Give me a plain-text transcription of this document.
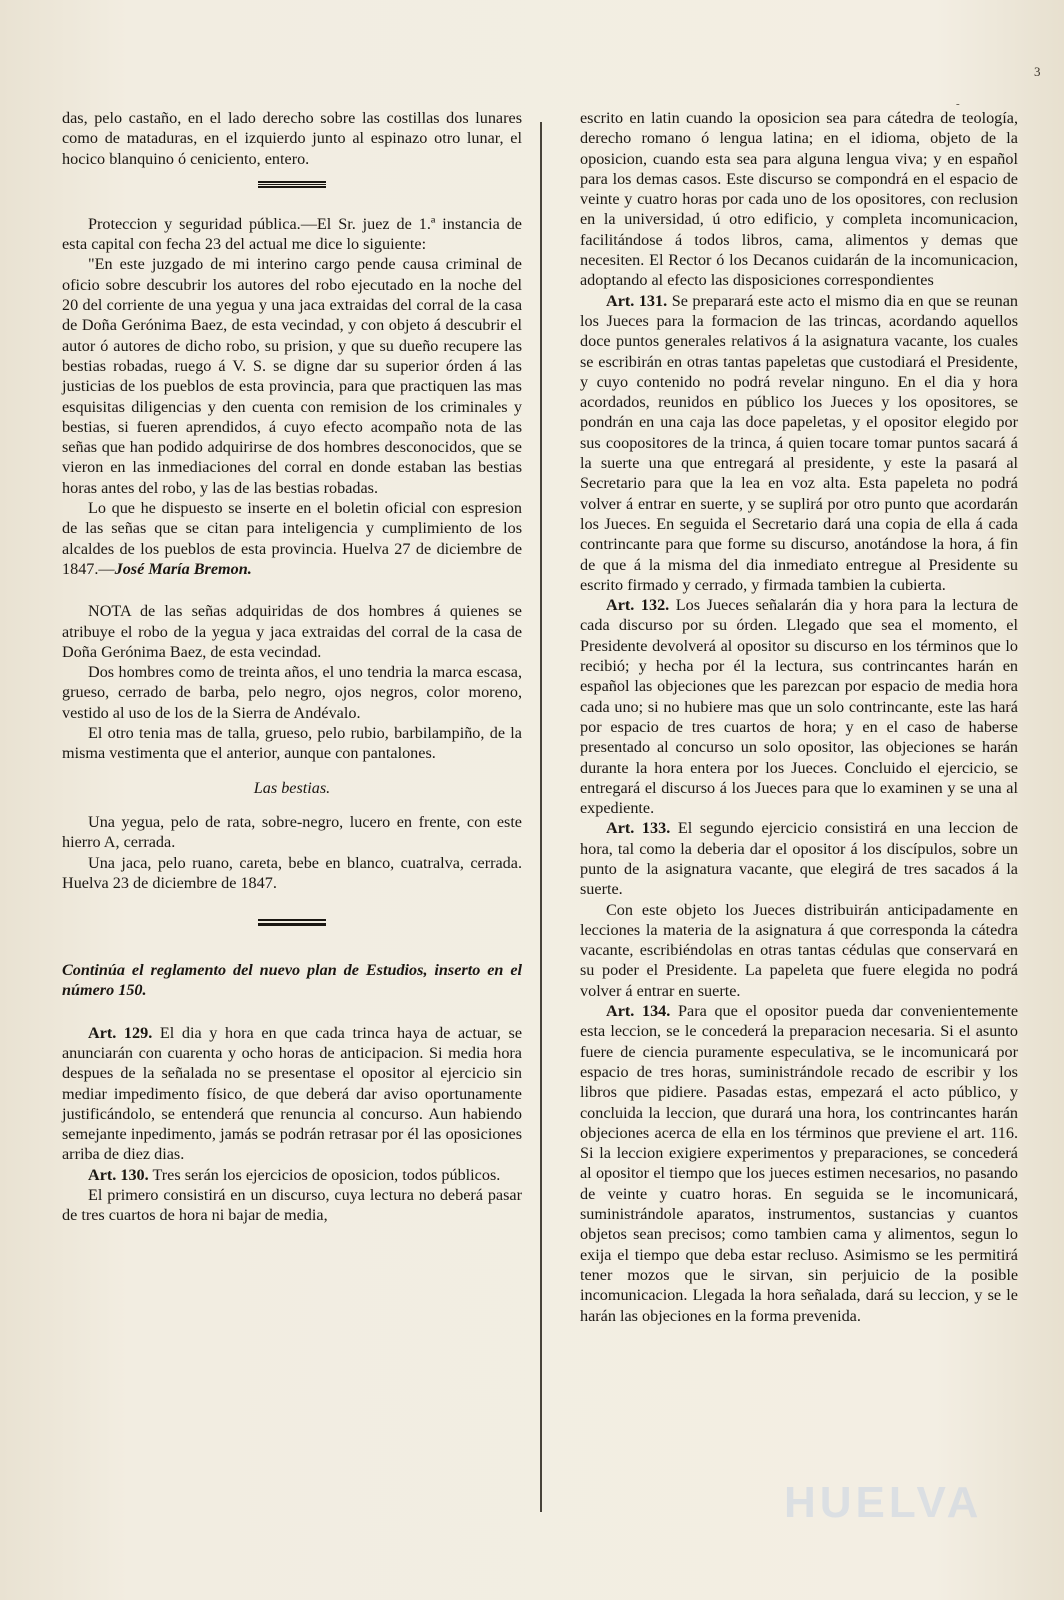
3
-

das, pelo castaño, en el lado derecho sobre las costillas dos lunares como de mataduras, en el izquierdo junto al espinazo otro lunar, el hocico blanquino ó ceniciento, entero.

Proteccion y seguridad pública.—El Sr. juez de 1.ª instancia de esta capital con fecha 23 del actual me dice lo siguiente:

"En este juzgado de mi interino cargo pende causa criminal de oficio sobre descubrir los autores del robo ejecutado en la noche del 20 del corriente de una yegua y una jaca extraidas del corral de la casa de Doña Gerónima Baez, de esta vecindad, y con objeto á descubrir el autor ó autores de dicho robo, su prision, y que su dueño recupere las bestias robadas, ruego á V. S. se digne dar su superior órden á las justicias de los pueblos de esta provincia, para que practiquen las mas esquisitas diligencias y den cuenta con remision de los criminales y bestias, si fueren aprendidos, á cuyo efecto acompaño nota de las señas que han podido adquirirse de dos hombres desconocidos, que se vieron en las inmediaciones del corral en donde estaban las bestias horas antes del robo, y las de las bestias robadas.

Lo que he dispuesto se inserte en el boletin oficial con espresion de las señas que se citan para inteligencia y cumplimiento de los alcaldes de los pueblos de esta provincia. Huelva 27 de diciembre de 1847.—José María Bremon.

NOTA de las señas adquiridas de dos hombres á quienes se atribuye el robo de la yegua y jaca extraidas del corral de la casa de Doña Gerónima Baez, de esta vecindad.

Dos hombres como de treinta años, el uno tendria la marca escasa, grueso, cerrado de barba, pelo negro, ojos negros, color moreno, vestido al uso de los de la Sierra de Andévalo.

El otro tenia mas de talla, grueso, pelo rubio, barbilampiño, de la misma vestimenta que el anterior, aunque con pantalones.

Las bestias.

Una yegua, pelo de rata, sobre-negro, lucero en frente, con este hierro A, cerrada.

Una jaca, pelo ruano, careta, bebe en blanco, cuatralva, cerrada. Huelva 23 de diciembre de 1847.

Continúa el reglamento del nuevo plan de Estudios, inserto en el número 150.

Art. 129. El dia y hora en que cada trinca haya de actuar, se anunciarán con cuarenta y ocho horas de anticipacion. Si media hora despues de la señalada no se presentase el opositor al ejercicio sin mediar impedimento físico, de que deberá dar aviso oportunamente justificándolo, se entenderá que renuncia al concurso. Aun habiendo semejante inpedimento, jamás se podrán retrasar por él las oposiciones arriba de diez dias.

Art. 130. Tres serán los ejercicios de oposicion, todos públicos.

El primero consistirá en un discurso, cuya lectura no deberá pasar de tres cuartos de hora ni bajar de media,

escrito en latin cuando la oposicion sea para cátedra de teología, derecho romano ó lengua latina; en el idioma, objeto de la oposicion, cuando esta sea para alguna lengua viva; y en español para los demas casos. Este discurso se compondrá en el espacio de veinte y cuatro horas por cada uno de los opositores, con reclusion en la universidad, ú otro edificio, y completa incomunicacion, facilitándose á todos libros, cama, alimentos y demas que necesiten. El Rector ó los Decanos cuidarán de la incomunicacion, adoptando al efecto las disposiciones correspondientes

Art. 131. Se preparará este acto el mismo dia en que se reunan los Jueces para la formacion de las trincas, acordando aquellos doce puntos generales relativos á la asignatura vacante, los cuales se escribirán en otras tantas papeletas que custodiará el Presidente, y cuyo contenido no podrá revelar ninguno. En el dia y hora acordados, reunidos en público los Jueces y los opositores, se pondrán en una caja las doce papeletas, y el opositor elegido por sus coopositores de la trinca, á quien tocare tomar puntos sacará á la suerte una que entregará al presidente, y este la pasará al Secretario para que la lea en voz alta. Esta papeleta no podrá volver á entrar en suerte, y se suplirá por otro punto que acordarán los Jueces. En seguida el Secretario dará una copia de ella á cada contrincante para que forme su discurso, anotándose la hora, á fin de que á la misma del dia inmediato entregue al Presidente su escrito firmado y cerrado, y firmada tambien la cubierta.

Art. 132. Los Jueces señalarán dia y hora para la lectura de cada discurso por su órden. Llegado que sea el momento, el Presidente devolverá al opositor su discurso en los términos que lo recibió; y hecha por él la lectura, sus contrincantes harán en español las objeciones que les parezcan por espacio de media hora cada uno; si no hubiere mas que un solo contrincante, este las hará por espacio de tres cuartos de hora; y en el caso de haberse presentado al concurso un solo opositor, las objeciones se harán durante la hora entera por los Jueces. Concluido el ejercicio, se entregará el discurso á los Jueces para que lo examinen y se una al expediente.

Art. 133. El segundo ejercicio consistirá en una leccion de hora, tal como la deberia dar el opositor á los discípulos, sobre un punto de la asignatura vacante, que elegirá de tres sacados á la suerte.

Con este objeto los Jueces distribuirán anticipadamente en lecciones la materia de la asignatura á que corresponda la cátedra vacante, escribiéndolas en otras tantas cédulas que conservará en su poder el Presidente. La papeleta que fuere elegida no podrá volver á entrar en suerte.

Art. 134. Para que el opositor pueda dar convenientemente esta leccion, se le concederá la preparacion necesaria. Si el asunto fuere de ciencia puramente especulativa, se le incomunicará por espacio de tres horas, suministrándole recado de escribir y los libros que pidiere. Pasadas estas, empezará el acto público, y concluida la leccion, que durará una hora, los contrincantes harán objeciones acerca de ella en los términos que previene el art. 116. Si la leccion exigiere experimentos y preparaciones, se concederá al opositor el tiempo que los jueces estimen necesarios, no pasando de veinte y cuatro horas. En seguida se le incomunicará, suministrándole aparatos, instrumentos, sustancias y cuantos objetos sean precisos; como tambien cama y alimentos, segun lo exija el tiempo que deba estar recluso. Asimismo se les permitirá tener mozos que le sirvan, sin perjuicio de la posible incomunicacion. Llegada la hora señalada, dará su leccion, y se le harán las objeciones en la forma prevenida.

HUELVA
